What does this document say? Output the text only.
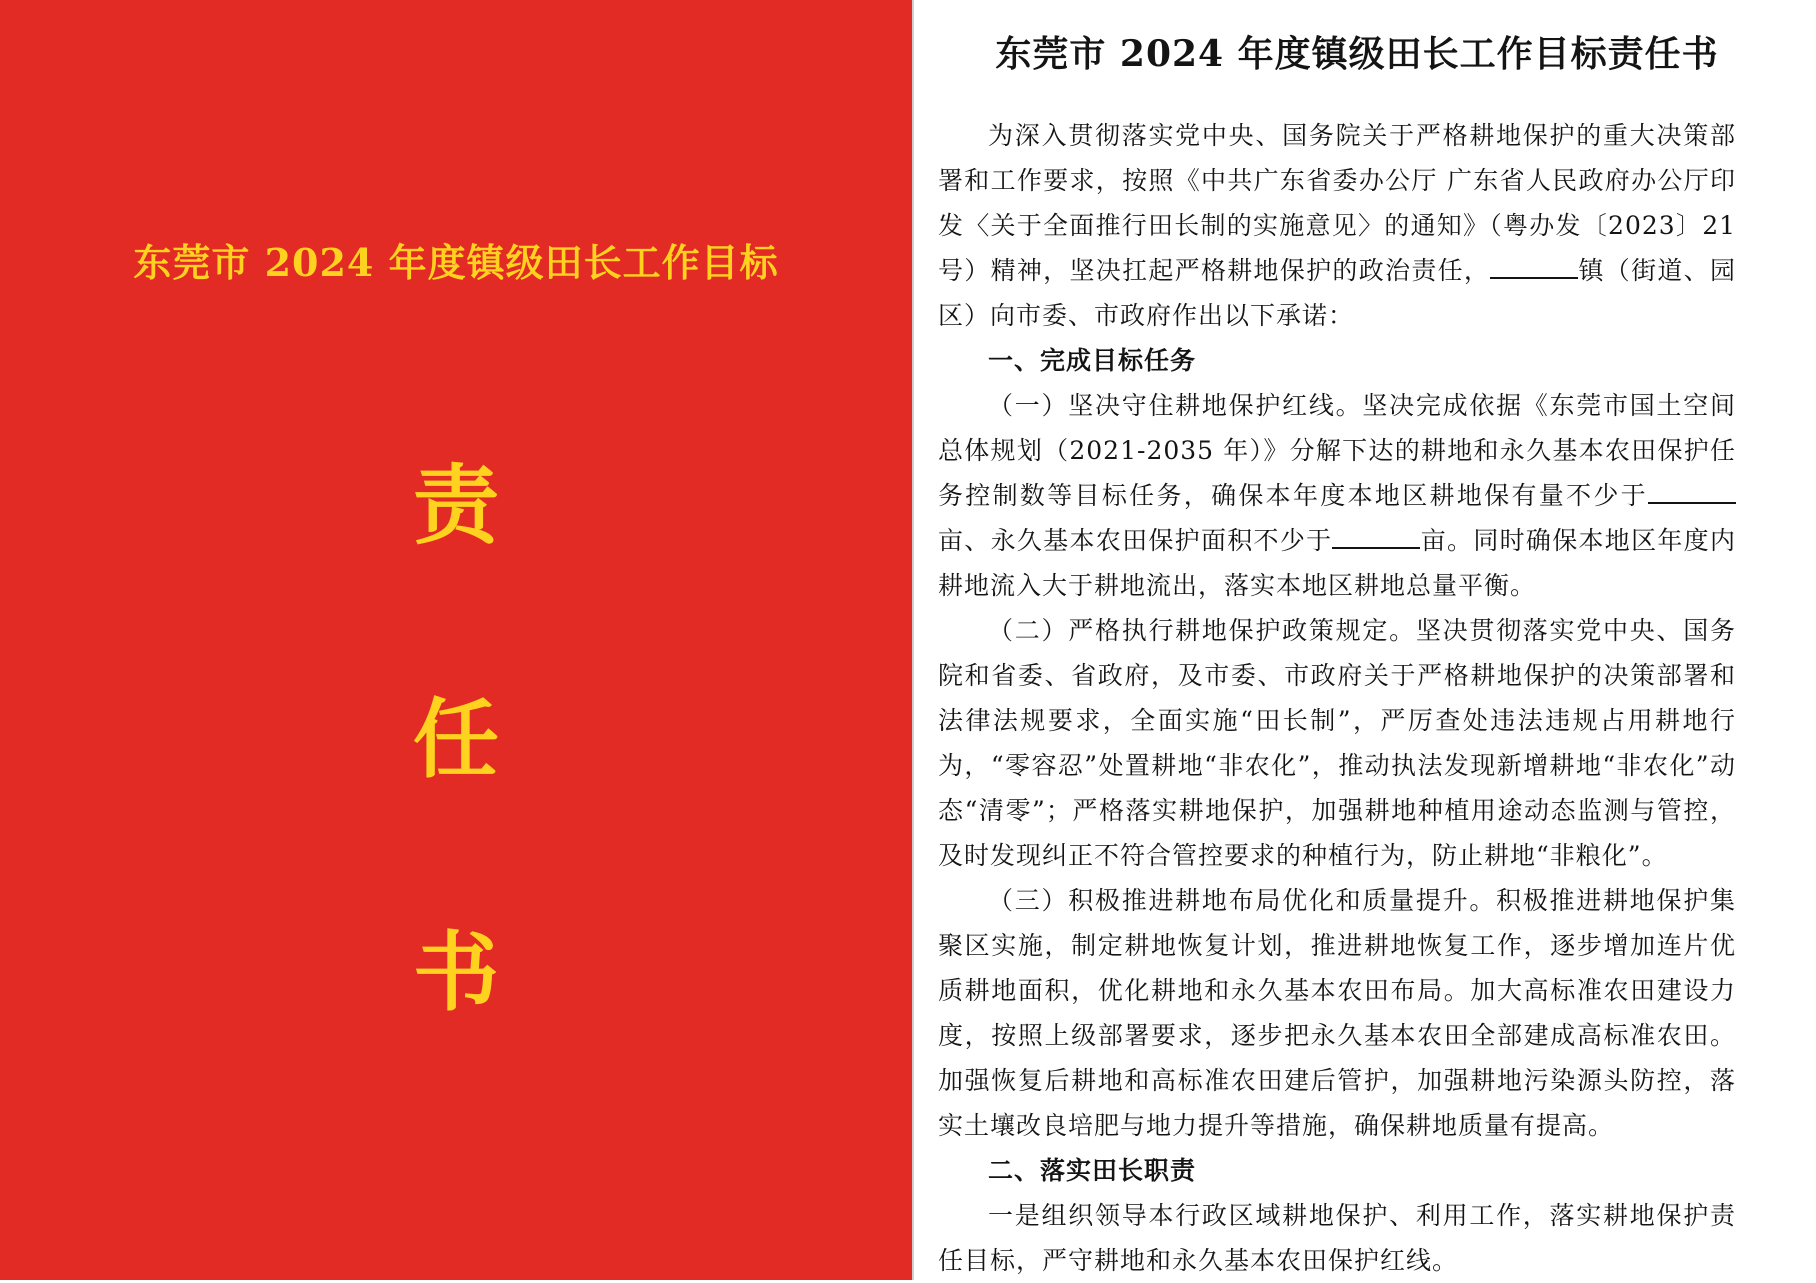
东莞市 2024 年度镇级田长工作目标
责
任
书
东莞市 2024 年度镇级田长工作目标责任书

为深入贯彻落实党中央、国务院关于严格耕地保护的重大决策部署和工作要求，按照《中共广东省委办公厅 广东省人民政府办公厅印发〈关于全面推行田长制的实施意见〉的通知》（粤办发〔2023〕21 号）精神，坚决扛起严格耕地保护的政治责任，	镇（街道、园区）向市委、市政府作出以下承诺：

一、完成目标任务

（一）坚决守住耕地保护红线。坚决完成依据《东莞市国土空间总体规划（2021-2035 年）》分解下达的耕地和永久基本农田保护任务控制数等目标任务，确保本年度本地区耕地保有量不少于亩、永久基本农田保护面积不少于	亩。同时确保本地区年度内耕地流入大于耕地流出，落实本地区耕地总量平衡。

（二）严格执行耕地保护政策规定。坚决贯彻落实党中央、国务院和省委、省政府，及市委、市政府关于严格耕地保护的决策部署和法律法规要求，全面实施“田长制”，严厉查处违法违规占用耕地行为，“零容忍”处置耕地“非农化”，推动执法发现新增耕地“非农化”动态“清零”；严格落实耕地保护，加强耕地种植用途动态监测与管控，及时发现纠正不符合管控要求的种植行为，防止耕地“非粮化”。

（三）积极推进耕地布局优化和质量提升。积极推进耕地保护集聚区实施，制定耕地恢复计划，推进耕地恢复工作，逐步增加连片优质耕地面积，优化耕地和永久基本农田布局。加大高标准农田建设力度，按照上级部署要求，逐步把永久基本农田全部建成高标准农田。加强恢复后耕地和高标准农田建后管护，加强耕地污染源头防控，落实土壤改良培肥与地力提升等措施，确保耕地质量有提高。

二、落实田长职责

一是组织领导本行政区域耕地保护、利用工作，落实耕地保护责任目标，严守耕地和永久基本农田保护红线。
